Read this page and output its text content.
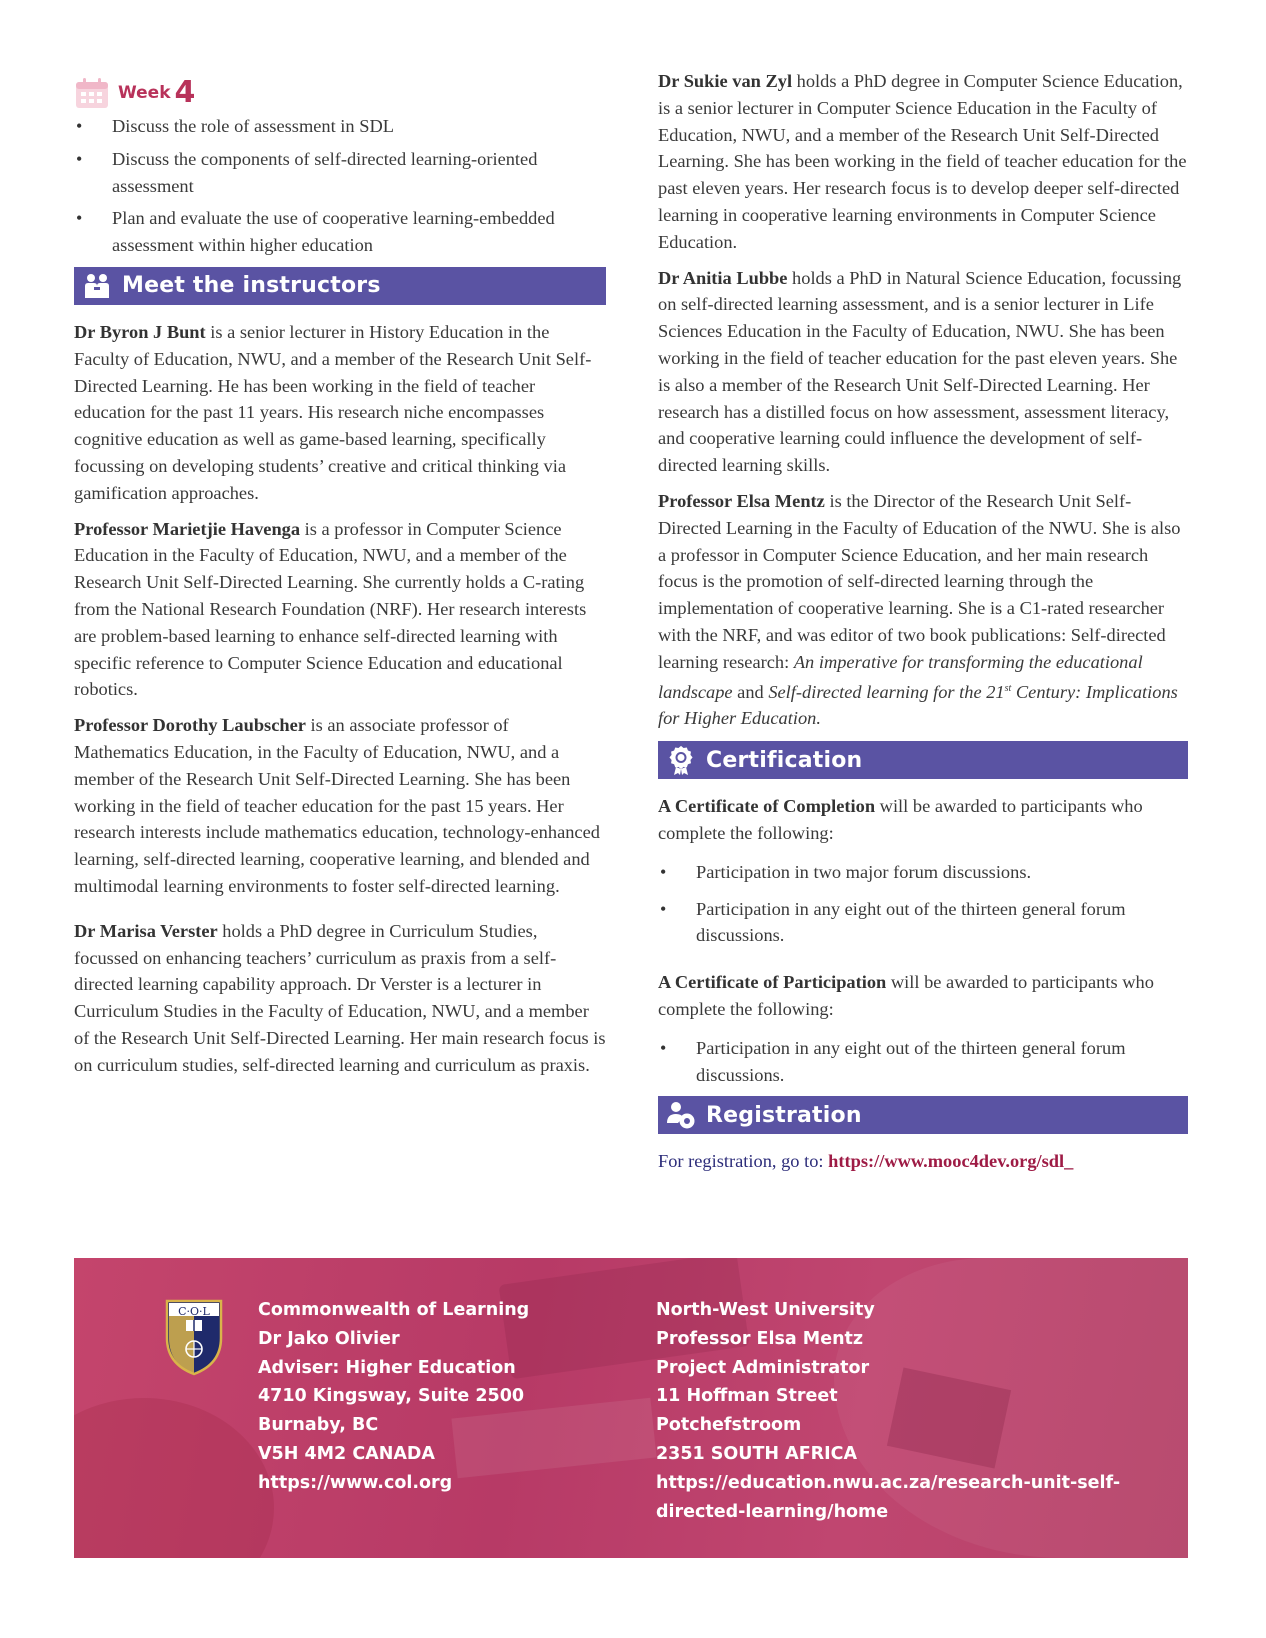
Week 4
• Discuss the role of assessment in SDL
• Discuss the components of self-directed learning-oriented assessment
• Plan and evaluate the use of cooperative learning-embedded assessment within higher education
Meet the instructors

Dr Byron J Bunt is a senior lecturer in History Education in the Faculty of Education, NWU, and a member of the Research Unit Self-Directed Learning. He has been working in the field of teacher education for the past 11 years. His research niche encompasses cognitive education as well as game-based learning, specifically focussing on developing students’ creative and critical thinking via gamification approaches.

Professor Marietjie Havenga is a professor in Computer Science Education in the Faculty of Education, NWU, and a member of the Research Unit Self-Directed Learning. She currently holds a C-rating from the National Research Foundation (NRF). Her research interests are problem-based learning to enhance self-directed learning with specific reference to Computer Science Education and educational robotics.

Professor Dorothy Laubscher is an associate professor of Mathematics Education, in the Faculty of Education, NWU, and a member of the Research Unit Self-Directed Learning. She has been working in the field of teacher education for the past 15 years. Her research interests include mathematics education, technology-enhanced learning, self-directed learning, cooperative learning, and blended and multimodal learning environments to foster self-directed learning.

Dr Marisa Verster holds a PhD degree in Curriculum Studies, focussed on enhancing teachers’ curriculum as praxis from a self-directed learning capability approach. Dr Verster is a lecturer in Curriculum Studies in the Faculty of Education, NWU, and a member of the Research Unit Self-Directed Learning. Her main research focus is on curriculum studies, self-directed learning and curriculum as praxis.

Dr Sukie van Zyl holds a PhD degree in Computer Science Education, is a senior lecturer in Computer Science Education in the Faculty of Education, NWU, and a member of the Research Unit Self-Directed Learning. She has been working in the field of teacher education for the past eleven years. Her research focus is to develop deeper self-directed learning in cooperative learning environments in Computer Science Education.

Dr Anitia Lubbe holds a PhD in Natural Science Education, focussing on self-directed learning assessment, and is a senior lecturer in Life Sciences Education in the Faculty of Education, NWU. She has been working in the field of teacher education for the past eleven years. She is also a member of the Research Unit Self-Directed Learning. Her research has a distilled focus on how assessment, assessment literacy, and cooperative learning could influence the development of self-directed learning skills.

Professor Elsa Mentz is the Director of the Research Unit Self-Directed Learning in the Faculty of Education of the NWU. She is also a professor in Computer Science Education, and her main research focus is the promotion of self-directed learning through the implementation of cooperative learning. She is a C1-rated researcher with the NRF, and was editor of two book publications: Self-directed learning research: An imperative for transforming the educational landscape and Self-directed learning for the 21st Century: Implications for Higher Education.

Certification

A Certificate of Completion will be awarded to participants who complete the following:

• Participation in two major forum discussions.
• Participation in any eight out of the thirteen general forum discussions.

A Certificate of Participation will be awarded to participants who complete the following:

• Participation in any eight out of the thirteen general forum discussions.
Registration

For registration, go to: https://www.mooc4dev.org/sdl_

C·O·L	Commonwealth of Learning
Dr Jako Olivier
Adviser: Higher Education
4710 Kingsway, Suite 2500
Burnaby, BC
V5H 4M2 CANADA
https://www.col.org
North-West University
Professor Elsa Mentz
Project Administrator
11 Hoffman Street
Potchefstroom
2351 SOUTH AFRICA
https://education.nwu.ac.za/research-unit-self-
directed-learning/home
